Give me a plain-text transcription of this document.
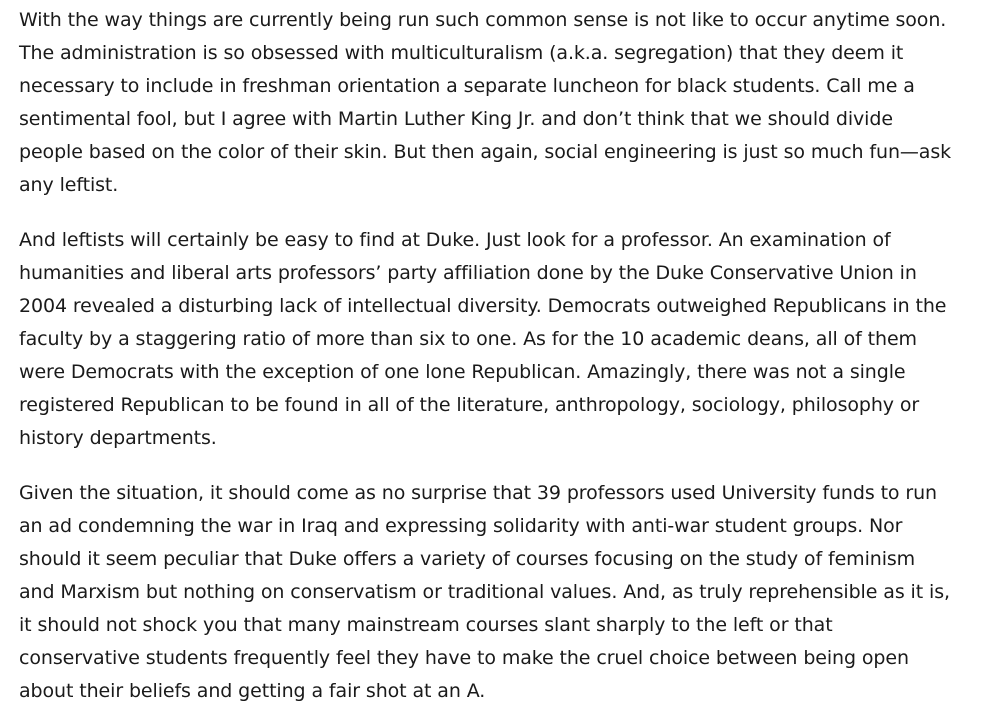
With the way things are currently being run such common sense is not like to occur anytime soon.
The administration is so obsessed with multiculturalism (a.k.a. segregation) that they deem it
necessary to include in freshman orientation a separate luncheon for black students. Call me a
sentimental fool, but I agree with Martin Luther King Jr. and don’t think that we should divide
people based on the color of their skin. But then again, social engineering is just so much fun—ask
any leftist.
And leftists will certainly be easy to find at Duke. Just look for a professor. An examination of
humanities and liberal arts professors’ party affiliation done by the Duke Conservative Union in
2004 revealed a disturbing lack of intellectual diversity. Democrats outweighed Republicans in the
faculty by a staggering ratio of more than six to one. As for the 10 academic deans, all of them
were Democrats with the exception of one lone Republican. Amazingly, there was not a single
registered Republican to be found in all of the literature, anthropology, sociology, philosophy or
history departments.
Given the situation, it should come as no surprise that 39 professors used University funds to run
an ad condemning the war in Iraq and expressing solidarity with anti-war student groups. Nor
should it seem peculiar that Duke offers a variety of courses focusing on the study of feminism
and Marxism but nothing on conservatism or traditional values. And, as truly reprehensible as it is,
it should not shock you that many mainstream courses slant sharply to the left or that
conservative students frequently feel they have to make the cruel choice between being open
about their beliefs and getting a fair shot at an A.
